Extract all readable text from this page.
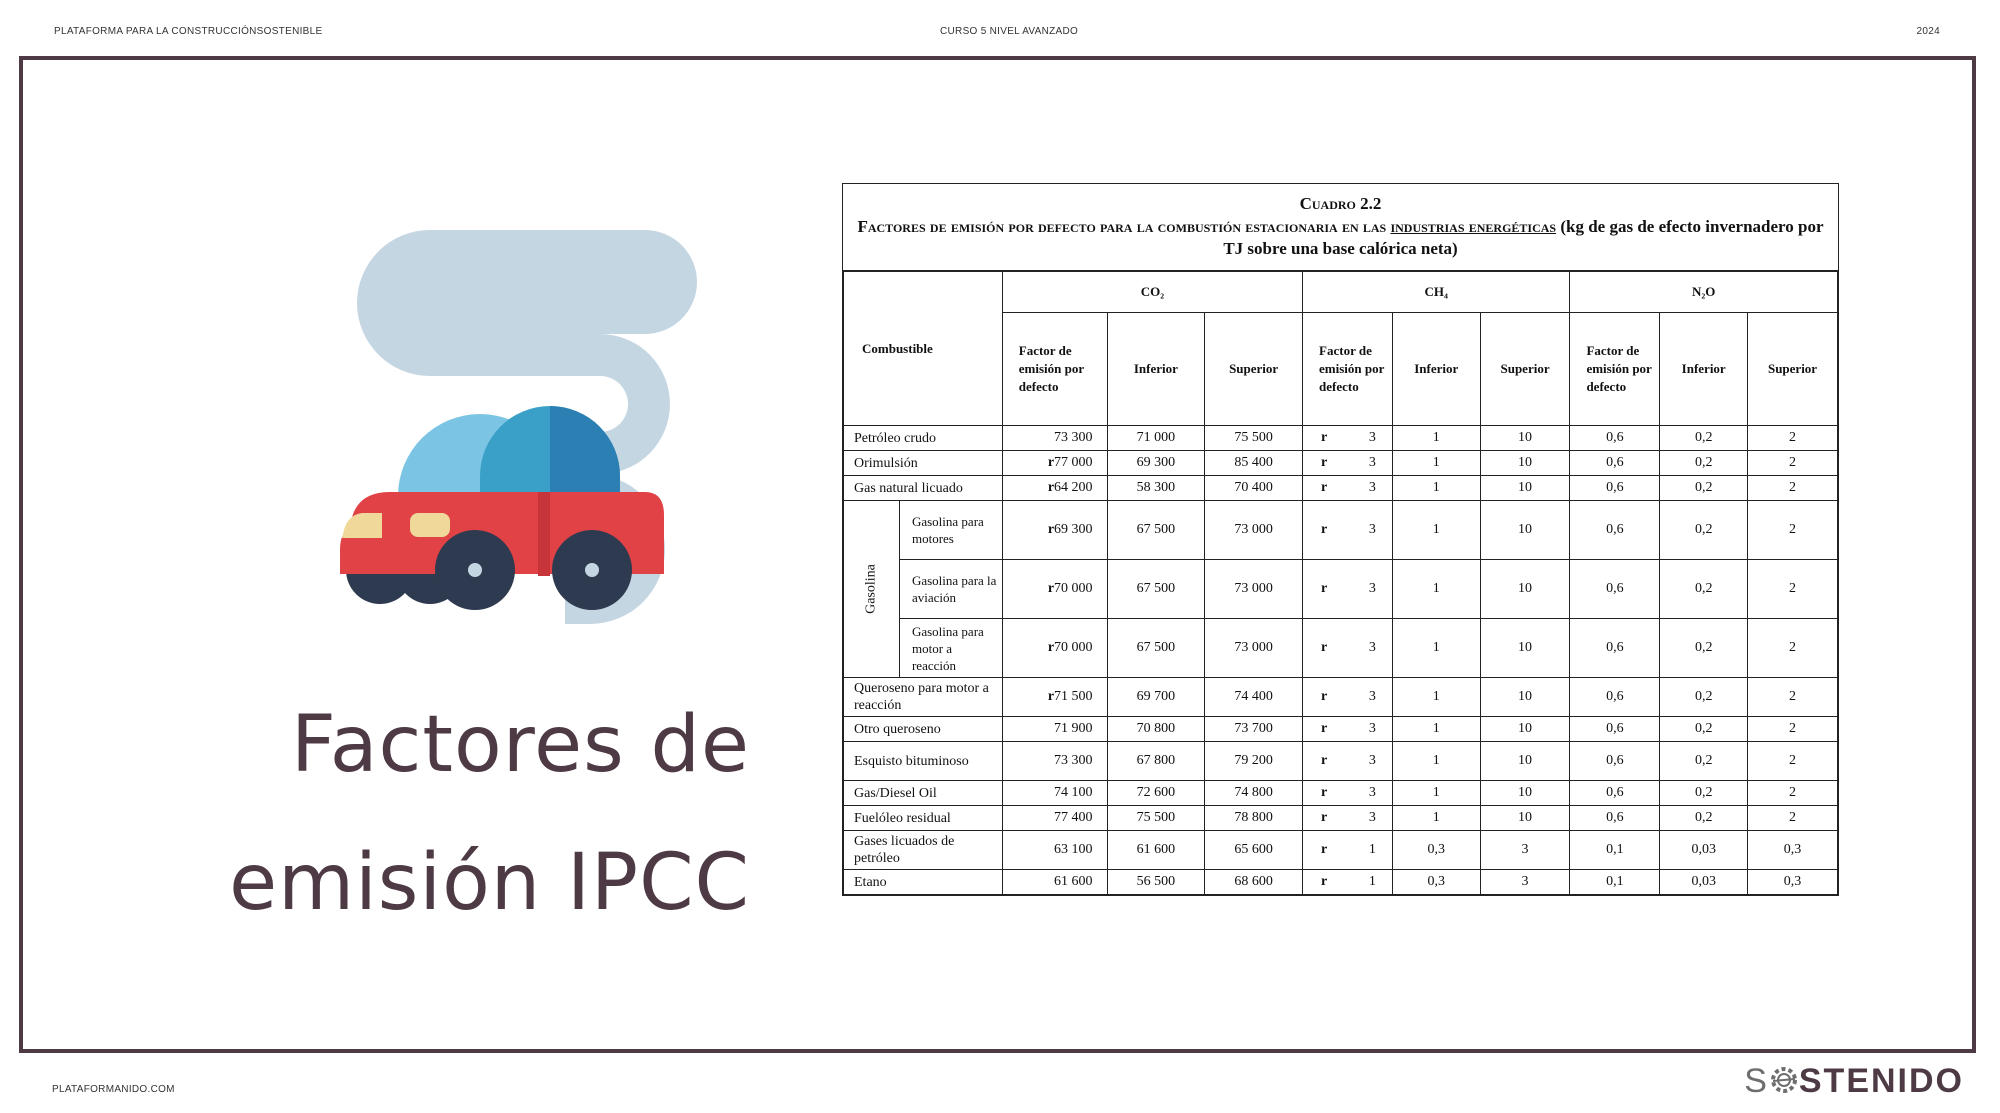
PLATAFORMA PARA LA CONSTRUCCIÓNSOSTENIBLE	CURSO 5 NIVEL AVANZADO	2024
Factores de
emisión IPCC
Cuadro 2.2
Factores de emisión por defecto para la combustión estacionaria en las industrias energéticas (kg de gas de efecto invernadero por TJ sobre una base calórica neta)
Combustible		CO₂			CH₄			N₂O		
		Factor de emisión por defecto	Inferior	Superior	Factor de emisión por defecto	Inferior	Superior	Factor de emisión por defecto	Inferior	Superior
Petróleo crudo		73 300	71 000	75 500	r 3	1	10	0,6	0,2	2
Orimulsión		r77 000	69 300	85 400	r 3	1	10	0,6	0,2	2
Gas natural licuado		r64 200	58 300	70 400	r 3	1	10	0,6	0,2	2

Gasolina	Gasolina para motores	r69 300	67 500	73 000	r 3	1	10	0,6	0,2	2
	Gasolina para la aviación	r70 000	67 500	73 000	r 3	1	10	0,6	0,2	2
	Gasolina para motor a reacción	r70 000	67 500	73 000	r 3	1	10	0,6	0,2	2
Queroseno para motor a reacción		r71 500	69 700	74 400	r 3	1	10	0,6	0,2	2
Otro queroseno		71 900	70 800	73 700	r 3	1	10	0,6	0,2	2
Esquisto bituminoso		73 300	67 800	79 200	r 3	1	10	0,6	0,2	2
Gas/Diesel Oil		74 100	72 600	74 800	r 3	1	10	0,6	0,2	2
Fuelóleo residual		77 400	75 500	78 800	r 3	1	10	0,6	0,2	2
Gases licuados de petróleo		63 100	61 600	65 600	r 1	0,3	3	0,1	0,03	0,3
Etano		61 600	56 500	68 600	r 1	0,3	3	0,1	0,03	0,3
PLATAFORMANIDO.COM	S STENIDO
